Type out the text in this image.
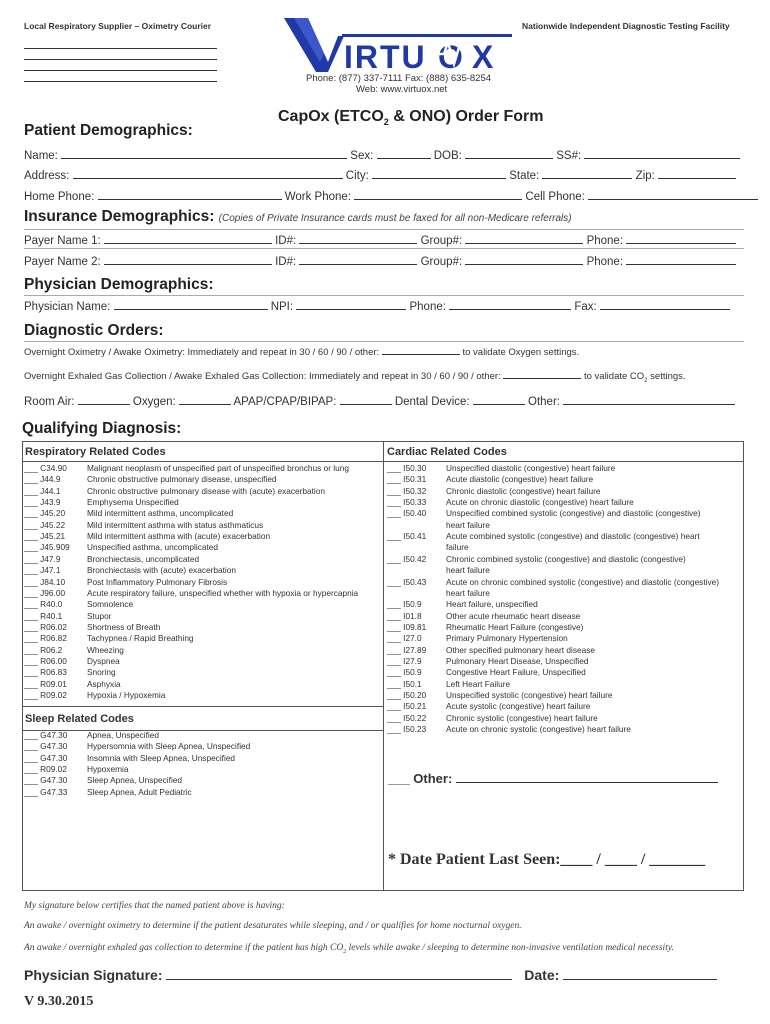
Local Respiratory Supplier – Oximetry Courier	Nationwide Independent Diagnostic Testing Facility
IRTU O X
Phone: (877) 337-7111 Fax: (888) 635-8254
Web: www.virtuox.net
CapOx ($ETCO_2$ & ONO) Order Form
Patient Demographics:
Name:	Sex:	DOB:	SS#:
Address:	City:	State:	Zip:
Home Phone:	Work Phone:	Cell Phone:
Insurance Demographics: (Copies of Private Insurance cards must be faxed for all non-Medicare referrals)
Payer Name 1:	ID#:	Group#:	Phone:
Payer Name 2:	ID#:	Group#:	Phone:
Physician Demographics:
Physician Name:	NPI:	Phone:	Fax:
Diagnostic Orders:
Overnight Oximetry / Awake Oximetry: Immediately and repeat in 30 / 60 / 90 / other:	to validate Oxygen settings.
Overnight Exhaled Gas Collection / Awake Exhaled Gas Collection: Immediately and repeat in 30 / 60 / 90 / other:	to validate $CO_2$ settings.
Room Air:	Oxygen:	APAP/CPAP/BIPAP:	Dental Device:	Other:
Qualifying Diagnosis:
Respiratory Related Codes	Cardiac Related Codes
Sleep Related Codes
___ C34.90 Malignant neoplasm of unspecified part of unspecified bronchus or lung
___ J44.9	Chronic obstructive pulmonary disease, unspecified
___ J44.1	Chronic obstructive pulmonary disease with (acute) exacerbation
___ J43.9	Emphysema Unspecified
___ J45.20	Mild intermittent asthma, uncomplicated
___ J45.22	Mild intermittent asthma with status asthmaticus
___ J45.21	Mild intermittent asthma with (acute) exacerbation
___ J45.909 Unspecified asthma, uncomplicated
___ J47.9	Bronchiectasis, uncomplicated
___ J47.1	Bronchiectasis with (acute) exacerbation
___ J84.10	Post Inflammatory Pulmonary Fibrosis
___ J96.00	Acute respiratory failure, unspecified whether with hypoxia or hypercapnia
___ R40.0	Somnolence
___ R40.1	Stupor
___ R06.02 Shortness of Breath
___ R06.82 Tachypnea / Rapid Breathing
___ R06.2	Wheezing
___ R06.00 Dyspnea
___ R06.83 Snoring
___ R09.01 Asphyxia
___ R09.02 Hypoxia / Hypoxemia
___ G47.30 Apnea, Unspecified
___ G47.30 Hypersomnia with Sleep Apnea, Unspecified
___ G47.30 Insomnia with Sleep Apnea, Unspecified
___ R09.02 Hypoxemia
___ G47.30 Sleep Apnea, Unspecified
___ G47.33 Sleep Apnea, Adult Pediatric
___ I50.30 Unspecified diastolic (congestive) heart failure
___ I50.31 Acute diastolic (congestive) heart failure
___ I50.32 Chronic diastolic (congestive) heart failure
___ I50.33 Acute on chronic diastolic (congestive) heart failure
___ I50.40 Unspecified combined systolic (congestive) and diastolic (congestive)
heart failure
___ I50.41 Acute combined systolic (congestive) and diastolic (congestive) heart
failure
___ I50.42 Chronic combined systolic (congestive) and diastolic (congestive)
heart failure
___ I50.43 Acute on chronic combined systolic (congestive) and diastolic (congestive)
heart failure
___ I50.9	Heart failure, unspecified
___ I01.8	Other acute rheumatic heart disease
___ I09.81 Rheumatic Heart Failure (congestive)
___ I27.0	Primary Pulmonary Hypertension
___ I27.89 Other specified pulmonary heart disease
___ I27.9	Pulmonary Heart Disease, Unspecified
___ I50.9	Congestive Heart Failure, Unspecified
___ I50.1	Left Heart Failure
___ I50.20 Unspecified systolic (congestive) heart failure
___ I50.21 Acute systolic (congestive) heart failure
___ I50.22 Chronic systolic (congestive) heart failure
___ I50.23 Acute on chronic systolic (congestive) heart failure
___ Other:
* Date Patient Last Seen:____ / ____ / _______
My signature below certifies that the named patient above is having:
An awake / overnight oximetry to determine if the patient desaturates while sleeping, and / or qualifies for home nocturnal oxygen.
An awake / overnight exhaled gas collection to determine if the patient has high $CO_2$ levels while awake / sleeping to determine non-invasive ventilation medical necessity.
Physician Signature:	Date:
V 9.30.2015
